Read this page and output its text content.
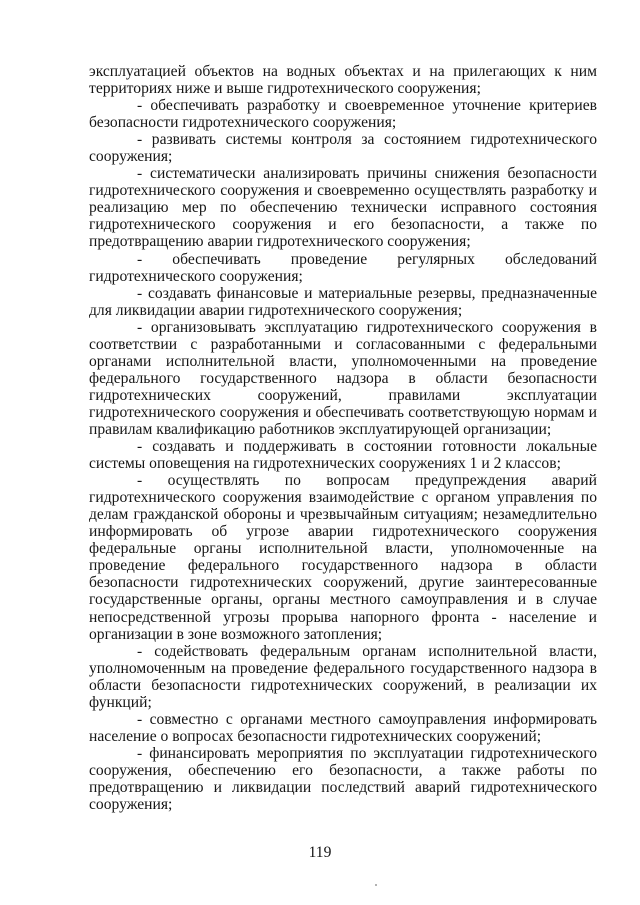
эксплуатацией объектов на водных объектах и на прилегающих к ним территориях ниже и выше гидротехнического сооружения;

- обеспечивать разработку и своевременное уточнение критериев безопасности гидротехнического сооружения;

- развивать системы контроля за состоянием гидротехнического сооружения;

- систематически анализировать причины снижения безопасности гидротехнического сооружения и своевременно осуществлять разработку и реализацию мер по обеспечению технически исправного состояния гидротехнического сооружения и его безопасности, а также по предотвращению аварии гидротехнического сооружения;

- обеспечивать проведение регулярных обследований гидротехнического сооружения;

- создавать финансовые и материальные резервы, предназначенные для ликвидации аварии гидротехнического сооружения;

- организовывать эксплуатацию гидротехнического сооружения в соответствии с разработанными и согласованными с федеральными органами исполнительной власти, уполномоченными на проведение федерального государственного надзора в области безопасности гидротехнических сооружений, правилами эксплуатации гидротехнического сооружения и обеспечивать соответствующую нормам и правилам квалификацию работников эксплуатирующей организации;

- создавать и поддерживать в состоянии готовности локальные системы оповещения на гидротехнических сооружениях 1 и 2 классов;

- осуществлять по вопросам предупреждения аварий гидротехнического сооружения взаимодействие с органом управления по делам гражданской обороны и чрезвычайным ситуациям; незамедлительно информировать об угрозе аварии гидротехнического сооружения федеральные органы исполнительной власти, уполномоченные на проведение федерального государственного надзора в области безопасности гидротехнических сооружений, другие заинтересованные государственные органы, органы местного самоуправления и в случае непосредственной угрозы прорыва напорного фронта - население и организации в зоне возможного затопления;

- содействовать федеральным органам исполнительной власти, уполномоченным на проведение федерального государственного надзора в области безопасности гидротехнических сооружений, в реализации их функций;

- совместно с органами местного самоуправления информировать население о вопросах безопасности гидротехнических сооружений;

- финансировать мероприятия по эксплуатации гидротехнического сооружения, обеспечению его безопасности, а также работы по предотвращению и ликвидации последствий аварий гидротехнического сооружения;

119
